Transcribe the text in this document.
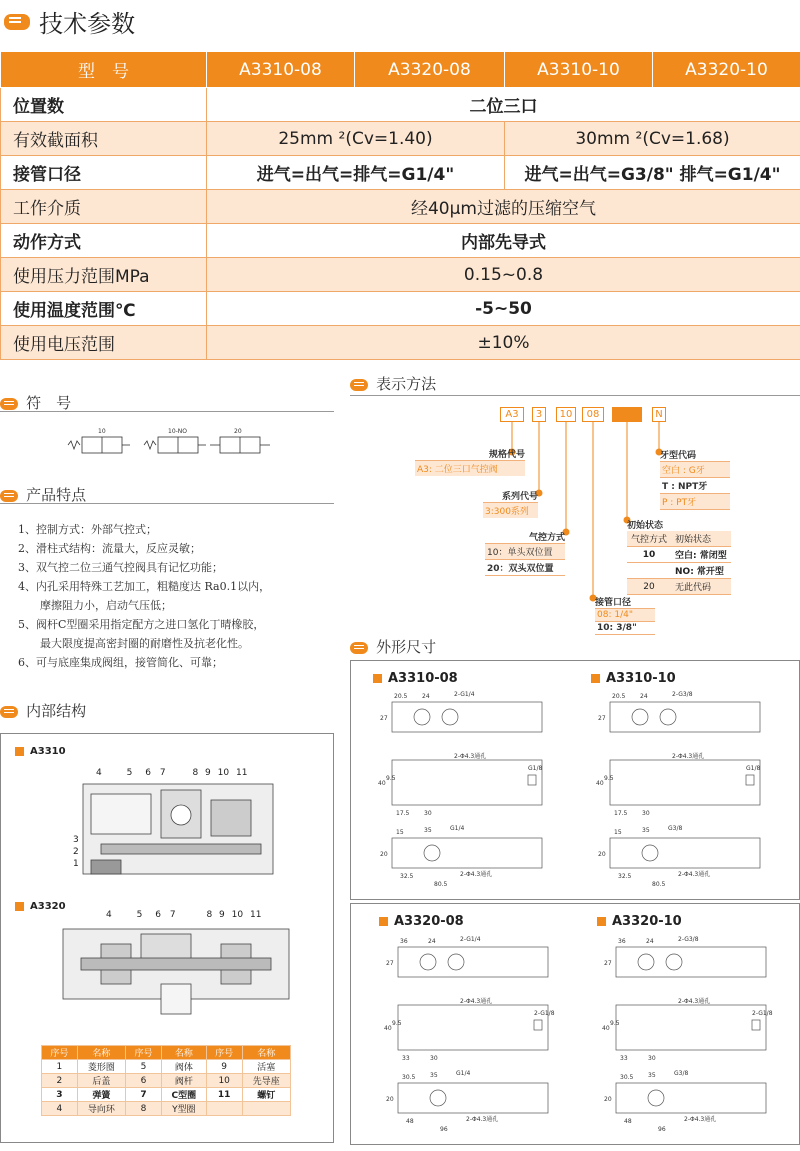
技术参数
型　号	A3310-08	A3320-08	A3310-10	A3320-10
位置数	二位三口			
有效截面积	25mm ²(Cv=1.40)		30mm ²(Cv=1.68)	
接管口径	进气=出气=排气=G1/4"		进气=出气=G3/8" 排气=G1/4"	
工作介质	经40μm过滤的压缩空气			
动作方式	内部先导式			
使用压力范围MPa	0.15~0.8			
使用温度范围℃	-5~50			
使用电压范围	±10%			
符　号
10	10-NO	20
产品特点
1、控制方式：外部气控式；
2、滑柱式结构：流量大，反应灵敏；
3、双气控二位三通气控阀具有记忆功能；
4、内孔采用特殊工艺加工，粗糙度达 Ra0.1以内，
　　摩擦阻力小，启动气压低；
5、阀杆C型圈采用指定配方之进口氢化丁晴橡胶，
　　最大限度提高密封圈的耐磨性及抗老化性。
6、可与底座集成阀组，接管简化、可靠；
内部结构
A3310
4	5 6 7	8 9 10 11
3
2
1
A3320
4	5 6 7	8 9 10 11
序号	名称	序号	名称	序号	名称
1	菱形圈	5	阀体	9	活塞
2	后盖	6	阀杆	10	先导座
3	弹簧	7	C型圈	11	螺钉
4	导向环	8	Y型圈		
表示方法
A3	3	10	08	N
规格代号
A3: 二位三口气控阀
系列代号
3:300系列
气控方式
10：单头双位置
20：双头双位置
接管口径
08: 1/4"
10: 3/8"
初始状态
气控方式	初始状态
10	空白: 常闭型
	NO: 常开型
20	无此代码
牙型代码
空白 : G牙
T : NPT牙
P : PT牙
外形尺寸
A3310-08	A3310-10
A3320-08	A3320-10
20.5 24	2-G1/4
27
2-Φ4.3通孔
G1/8
40
9.5
17.5 30
15	35	G1/4
20
32.5
80.5
2-Φ4.3通孔
20.5 24	2-G3/8
27
2-Φ4.3通孔
G1/8
40
9.5
17.5 30
15	35	G3/8
20
32.5
80.5
2-Φ4.3通孔
36	24	2-G1/4
27
2-Φ4.3通孔
2-G1/8
40
9.5
33	30
30.5 35	G1/4
20
48
96
2-Φ4.3通孔
36	24	2-G3/8
27
2-Φ4.3通孔
2-G1/8
40
9.5
33	30
30.5 35	G3/8
20
48
96
2-Φ4.3通孔
